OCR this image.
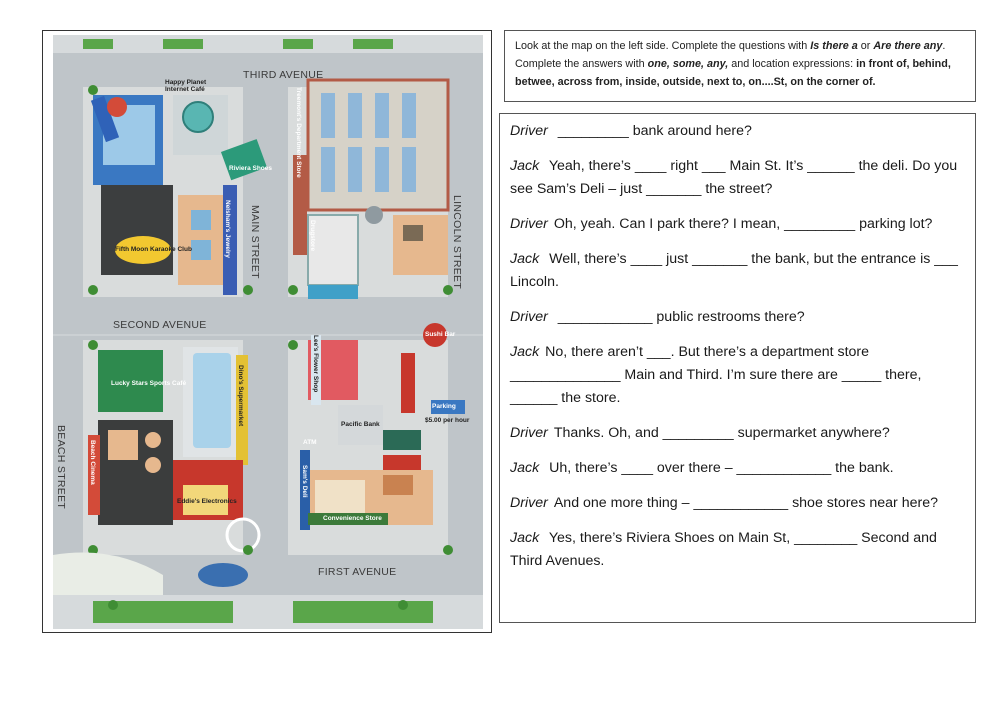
THIRD AVENUE
SECOND AVENUE
FIRST AVENUE
MAIN STREET	LINCOLN STREET
BEACH STREET
Happy Planet Internet Café	Treemont's Department Store
Riviera Shoes
Fifth Moon Karaoke Club	Nelsham's Jewelry	Drugstore
Lucky Stars Sports Café	Dino's Supermarket
Beach Cinema
Eddie's Electronics
Lee's Flower Shop
Pacific Bank
ATM
Sam's Deli
Convenience Store
Parking
$5.00 per hour
Sushi Bar
Look at the map on the left side. Complete the questions with Is there a or Are there any. Complete the answers with one, some, any, and location expressions: in front of, behind, betwee, across from, inside, outside, next to, on....St, on the corner of.
Driver _________ bank around here?
Jack Yeah, there’s ____ right ___ Main St. It’s ______ the deli. Do you see Sam’s Deli – just _______ the street?
Driver Oh, yeah. Can I park there? I mean, _________ parking lot?
Jack Well, there’s ____ just _______ the bank, but the entrance is ___ Lincoln.
Driver ____________ public restrooms there?
Jack No, there aren’t ___. But there’s a department store ______________ Main and Third. I’m sure there are _____ there, ______ the store.
Driver Thanks. Oh, and _________ supermarket anywhere?
Jack Uh, there’s ____ over there – ____________ the bank.
Driver And one more thing – ____________ shoe stores near here?
Jack Yes, there’s Riviera Shoes on Main St, ________ Second and Third Avenues.
